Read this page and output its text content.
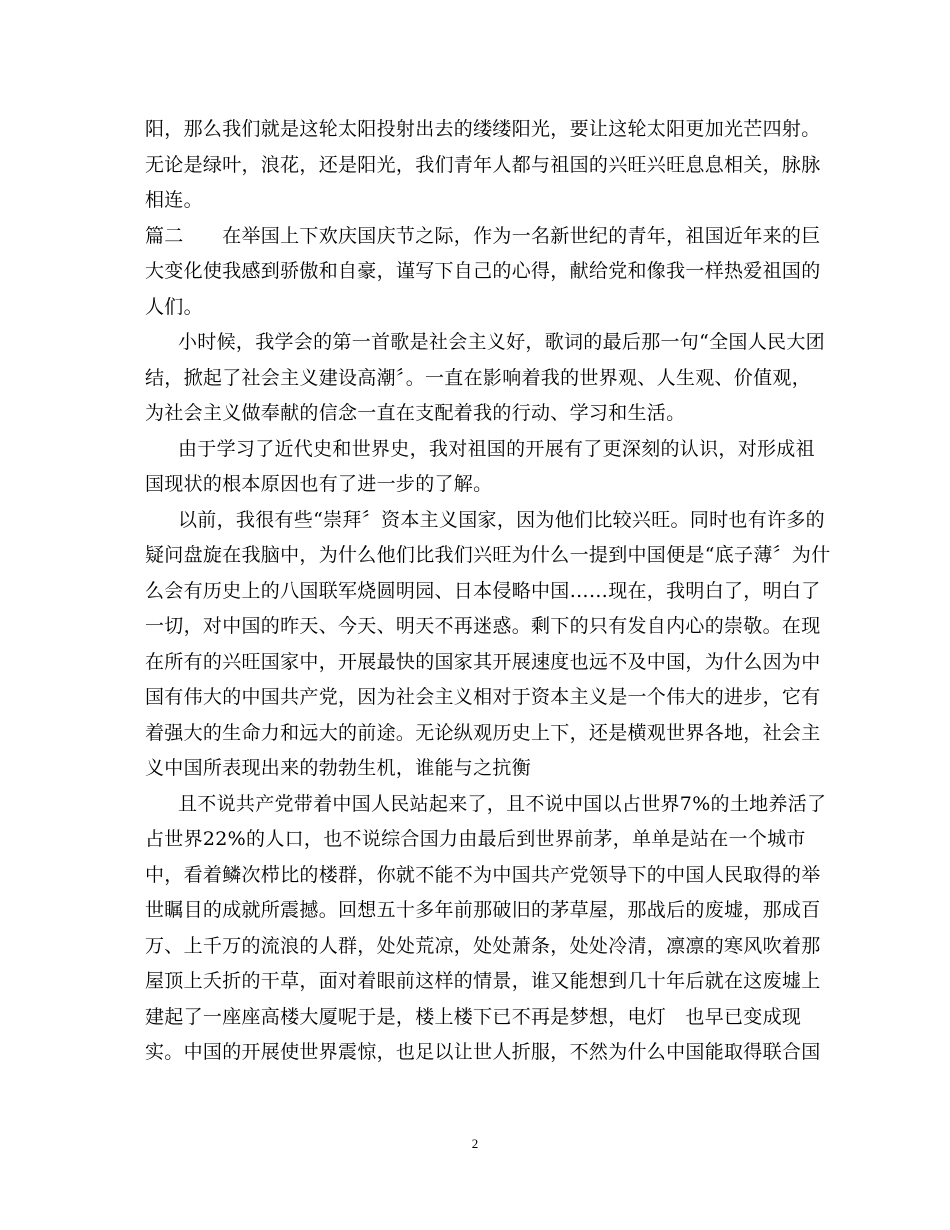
阳，那么我们就是这轮太阳投射出去的缕缕阳光，要让这轮太阳更加光芒四射。
无论是绿叶，浪花，还是阳光，我们青年人都与祖国的兴旺兴旺息息相关，脉脉
相连。
篇二　　在举国上下欢庆国庆节之际，作为一名新世纪的青年，祖国近年来的巨
大变化使我感到骄傲和自豪，谨写下自己的心得，献给党和像我一样热爱祖国的
人们。
小时候，我学会的第一首歌是社会主义好，歌词的最后那一句“全国人民大团
结，掀起了社会主义建设高潮〞。一直在影响着我的世界观、人生观、价值观，
为社会主义做奉献的信念一直在支配着我的行动、学习和生活。
由于学习了近代史和世界史，我对祖国的开展有了更深刻的认识，对形成祖
国现状的根本原因也有了进一步的了解。
以前，我很有些“崇拜〞资本主义国家，因为他们比较兴旺。同时也有许多的
疑问盘旋在我脑中，为什么他们比我们兴旺为什么一提到中国便是“底子薄〞为什
么会有历史上的八国联军烧圆明园、日本侵略中国……现在，我明白了，明白了
一切，对中国的昨天、今天、明天不再迷惑。剩下的只有发自内心的崇敬。在现
在所有的兴旺国家中，开展最快的国家其开展速度也远不及中国，为什么因为中
国有伟大的中国共产党，因为社会主义相对于资本主义是一个伟大的进步，它有
着强大的生命力和远大的前途。无论纵观历史上下，还是横观世界各地，社会主
义中国所表现出来的勃勃生机，谁能与之抗衡
且不说共产党带着中国人民站起来了，且不说中国以占世界7%的土地养活了
占世界22%的人口，也不说综合国力由最后到世界前茅，单单是站在一个城市
中，看着鳞次栉比的楼群，你就不能不为中国共产党领导下的中国人民取得的举
世瞩目的成就所震撼。回想五十多年前那破旧的茅草屋，那战后的废墟，那成百
万、上千万的流浪的人群，处处荒凉，处处萧条，处处冷清，凛凛的寒风吹着那
屋顶上夭折的干草，面对着眼前这样的情景，谁又能想到几十年后就在这废墟上
建起了一座座高楼大厦呢于是，楼上楼下已不再是梦想，电灯　也早已变成现
实。中国的开展使世界震惊，也足以让世人折服，不然为什么中国能取得联合国
2
